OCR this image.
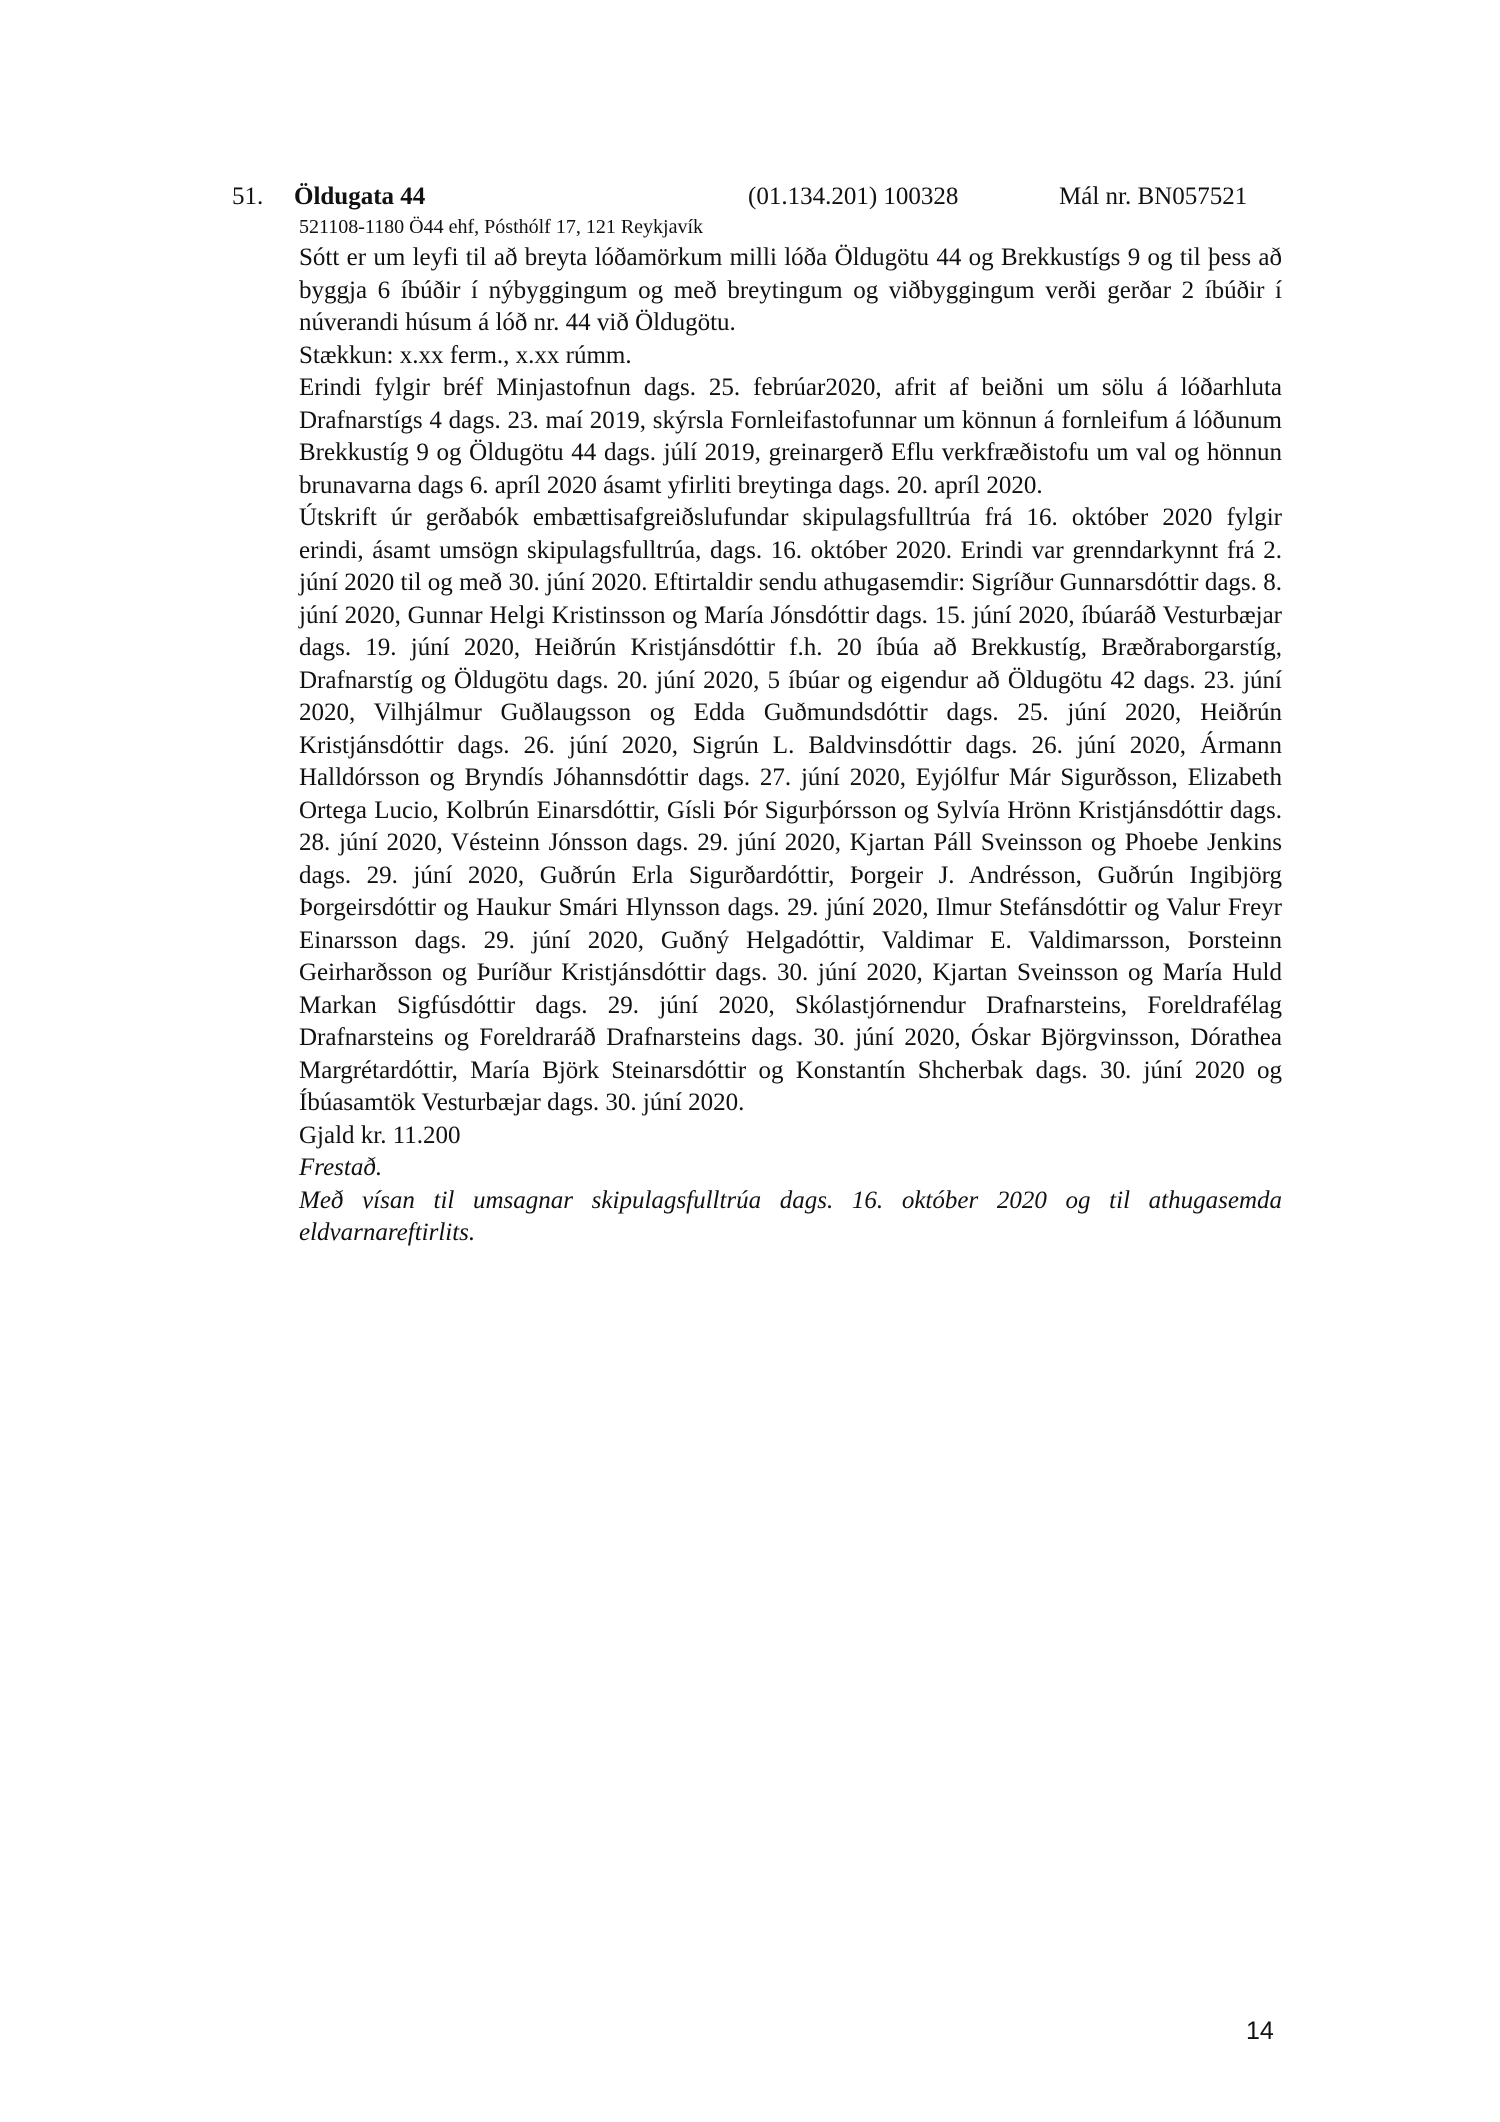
51. Öldugata 44	(01.134.201) 100328	Mál nr. BN057521
521108-1180 Ö44 ehf, Pósthólf 17, 121 Reykjavík

Sótt er um leyfi til að breyta lóðamörkum milli lóða Öldugötu 44 og Brekkustígs 9 og til þess að byggja 6 íbúðir í nýbyggingum og með breytingum og viðbyggingum verði gerðar 2 íbúðir í núverandi húsum á lóð nr. 44 við Öldugötu.

Stækkun: x.xx ferm., x.xx rúmm.

Erindi fylgir bréf Minjastofnun dags. 25. febrúar2020, afrit af beiðni um sölu á lóðarhluta Drafnarstígs 4 dags. 23. maí 2019, skýrsla Fornleifastofunnar um könnun á fornleifum á lóðunum Brekkustíg 9 og Öldugötu 44 dags. júlí 2019, greinargerð Eflu verkfræðistofu um val og hönnun brunavarna dags 6. apríl 2020 ásamt yfirliti breytinga dags. 20. apríl 2020.

Útskrift úr gerðabók embættisafgreiðslufundar skipulagsfulltrúa frá 16. október 2020 fylgir erindi, ásamt umsögn skipulagsfulltrúa, dags. 16. október 2020. Erindi var grenndarkynnt frá 2. júní 2020 til og með 30. júní 2020. Eftirtaldir sendu athugasemdir: Sigríður Gunnarsdóttir dags. 8. júní 2020, Gunnar Helgi Kristinsson og María Jónsdóttir dags. 15. júní 2020, íbúaráð Vesturbæjar dags. 19. júní 2020, Heiðrún Kristjánsdóttir f.h. 20 íbúa að Brekkustíg, Bræðraborgarstíg, Drafnarstíg og Öldugötu dags. 20. júní 2020, 5 íbúar og eigendur að Öldugötu 42 dags. 23. júní 2020, Vilhjálmur Guðlaugsson og Edda Guðmundsdóttir dags. 25. júní 2020, Heiðrún Kristjánsdóttir dags. 26. júní 2020, Sigrún L. Baldvinsdóttir dags. 26. júní 2020, Ármann Halldórsson og Bryndís Jóhannsdóttir dags. 27. júní 2020, Eyjólfur Már Sigurðsson, Elizabeth Ortega Lucio, Kolbrún Einarsdóttir, Gísli Þór Sigurþórsson og Sylvía Hrönn Kristjánsdóttir dags. 28. júní 2020, Vésteinn Jónsson dags. 29. júní 2020, Kjartan Páll Sveinsson og Phoebe Jenkins dags. 29. júní 2020, Guðrún Erla Sigurðardóttir, Þorgeir J. Andrésson, Guðrún Ingibjörg Þorgeirsdóttir og Haukur Smári Hlynsson dags. 29. júní 2020, Ilmur Stefánsdóttir og Valur Freyr Einarsson dags. 29. júní 2020, Guðný Helgadóttir, Valdimar E. Valdimarsson, Þorsteinn Geirharðsson og Þuríður Kristjánsdóttir dags. 30. júní 2020, Kjartan Sveinsson og María Huld Markan Sigfúsdóttir dags. 29. júní 2020, Skólastjórnendur Drafnarsteins, Foreldrafélag Drafnarsteins og Foreldraráð Drafnarsteins dags. 30. júní 2020, Óskar Björgvinsson, Dórathea Margrétardóttir, María Björk Steinarsdóttir og Konstantín Shcherbak dags. 30. júní 2020 og Íbúasamtök Vesturbæjar dags. 30. júní 2020.

Gjald kr. 11.200

Frestað.

Með vísan til umsagnar skipulagsfulltrúa dags. 16. október 2020 og til athugasemda eldvarnareftirlits.

14
